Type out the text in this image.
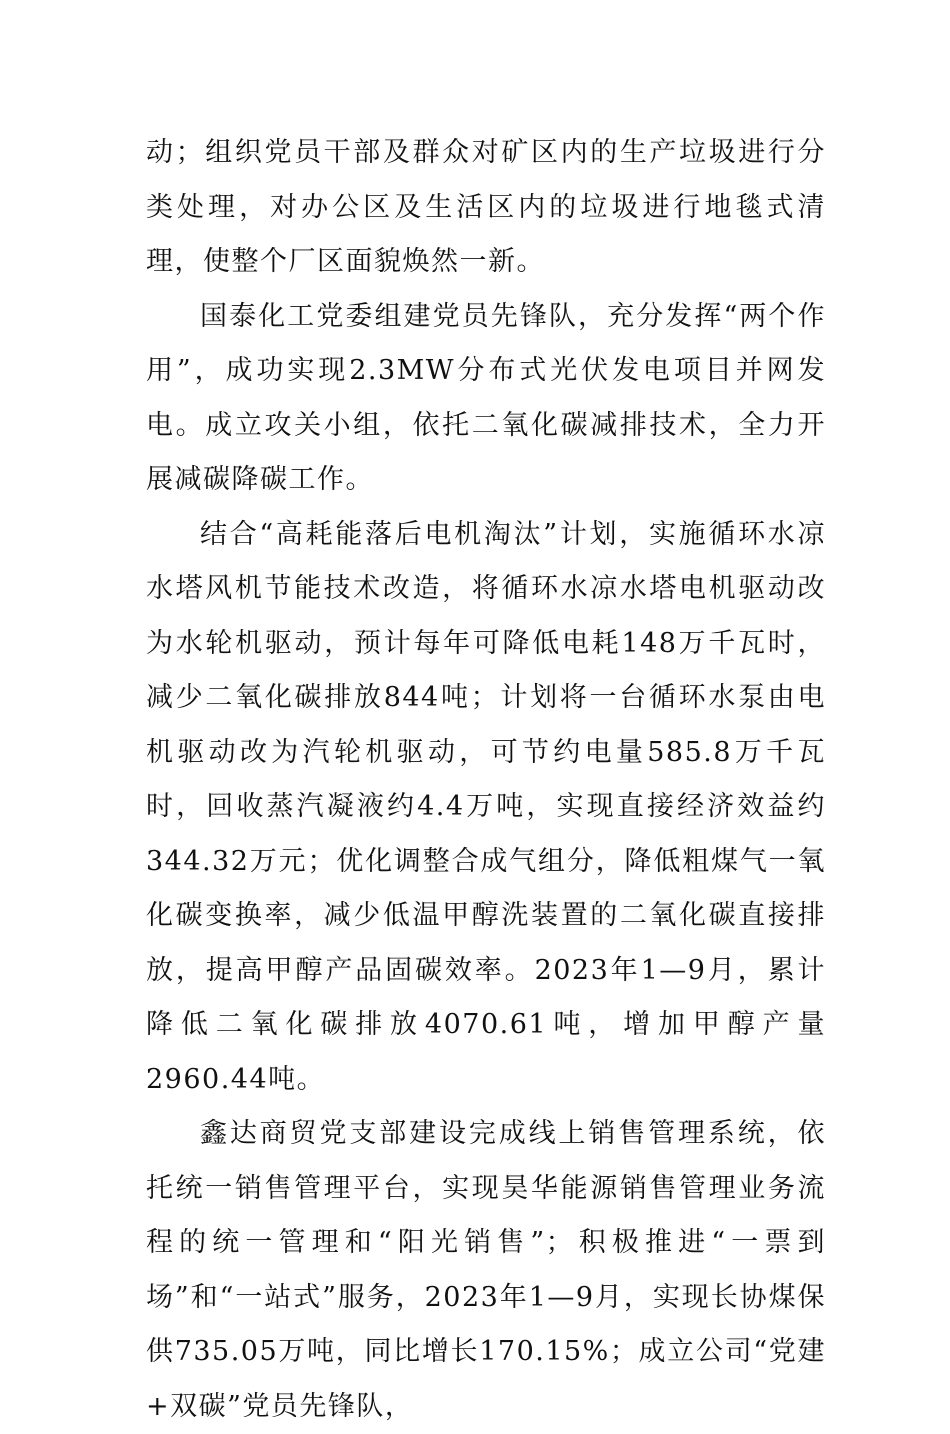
动；组织党员干部及群众对矿区内的生产垃圾进行分类处理，对办公区及生活区内的垃圾进行地毯式清理，使整个厂区面貌焕然一新。

国泰化工党委组建党员先锋队，充分发挥“两个作用”，成功实现2.3MW分布式光伏发电项目并网发电。成立攻关小组，依托二氧化碳减排技术，全力开展减碳降碳工作。

结合“高耗能落后电机淘汰”计划，实施循环水凉水塔风机节能技术改造，将循环水凉水塔电机驱动改为水轮机驱动，预计每年可降低电耗148万千瓦时，减少二氧化碳排放844吨；计划将一台循环水泵由电机驱动改为汽轮机驱动，可节约电量585.8万千瓦时，回收蒸汽凝液约4.4万吨，实现直接经济效益约344.32万元；优化调整合成气组分，降低粗煤气一氧化碳变换率，减少低温甲醇洗装置的二氧化碳直接排放，提高甲醇产品固碳效率。2023年1—9月，累计降低二氧化碳排放4070.61吨，增加甲醇产量2960.44吨。

鑫达商贸党支部建设完成线上销售管理系统，依托统一销售管理平台，实现昊华能源销售管理业务流程的统一管理和“阳光销售”；积极推进“一票到场”和“一站式”服务，2023年1—9月，实现长协煤保供735.05万吨，同比增长170.15%；成立公司“党建+双碳”党员先锋队，
